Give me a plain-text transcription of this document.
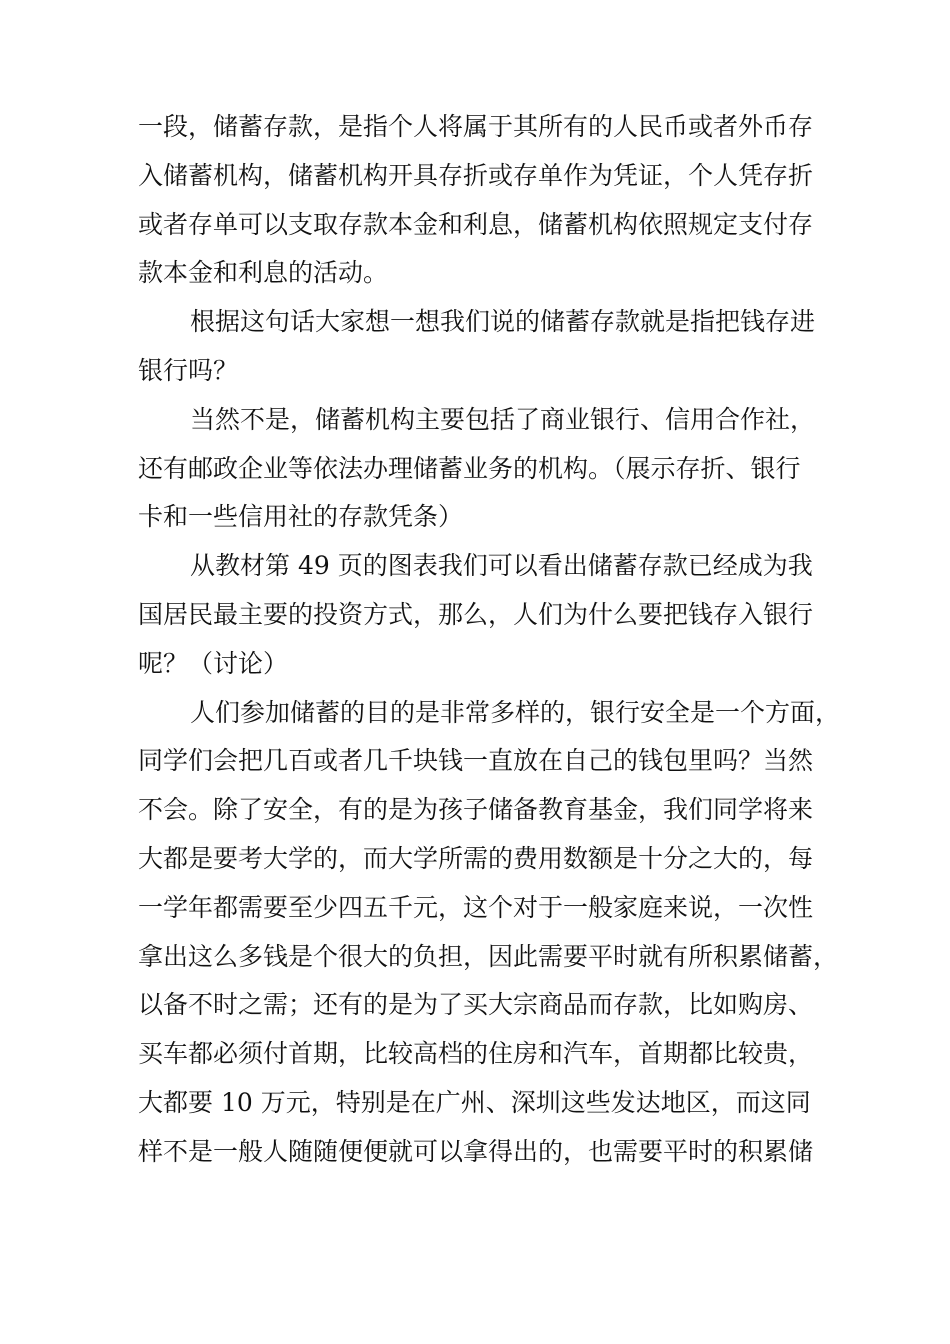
一段，储蓄存款，是指个人将属于其所有的人民币或者外币存
入储蓄机构，储蓄机构开具存折或存单作为凭证，个人凭存折
或者存单可以支取存款本金和利息，储蓄机构依照规定支付存
款本金和利息的活动。

根据这句话大家想一想我们说的储蓄存款就是指把钱存进
银行吗？

当然不是，储蓄机构主要包括了商业银行、信用合作社，
还有邮政企业等依法办理储蓄业务的机构。（展示存折、银行
卡和一些信用社的存款凭条）

从教材第 49 页的图表我们可以看出储蓄存款已经成为我
国居民最主要的投资方式，那么，人们为什么要把钱存入银行
呢？（讨论）

人们参加储蓄的目的是非常多样的，银行安全是一个方面，
同学们会把几百或者几千块钱一直放在自己的钱包里吗？当然
不会。除了安全，有的是为孩子储备教育基金，我们同学将来
大都是要考大学的，而大学所需的费用数额是十分之大的，每
一学年都需要至少四五千元，这个对于一般家庭来说，一次性
拿出这么多钱是个很大的负担，因此需要平时就有所积累储蓄，
以备不时之需；还有的是为了买大宗商品而存款，比如购房、
买车都必须付首期，比较高档的住房和汽车，首期都比较贵，
大都要 10 万元，特别是在广州、深圳这些发达地区，而这同
样不是一般人随随便便就可以拿得出的，也需要平时的积累储
